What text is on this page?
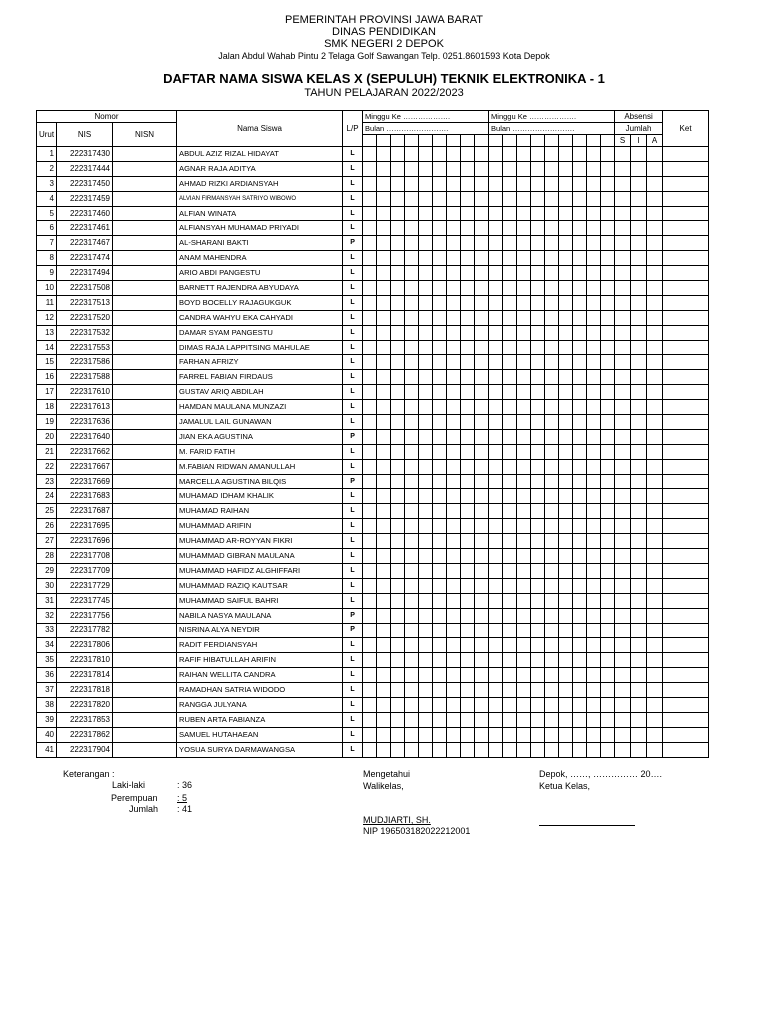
PEMERINTAH PROVINSI JAWA BARAT
DINAS PENDIDIKAN
SMK NEGERI 2 DEPOK
Jalan Abdul Wahab Pintu 2 Telaga Golf Sawangan Telp. 0251.8601593 Kota Depok
DAFTAR NAMA SISWA KELAS X (SEPULUH) TEKNIK ELEKTRONIKA - 1
TAHUN PELAJARAN 2022/2023
Nomor			Nama Siswa	L/P	Minggu Ke ……………….									Minggu Ke ……………….									Absensi			Ket
Urut	NIS	NISN			Bulan …………………….									Bulan …………………….									Jumlah			
																							S	I	A	
1	222317430		ABDUL AZIZ RIZAL HIDAYAT	L																						
2	222317444		AGNAR RAJA ADITYA	L																						
3	222317450		AHMAD RIZKI ARDIANSYAH	L																						
4	222317459		ALVIAN FIRMANSYAH SATRIYO WIBOWO	L																						
5	222317460		ALFIAN WINATA	L																						
6	222317461		ALFIANSYAH MUHAMAD PRIYADI	L																						
7	222317467		AL-SHARANI BAKTI	P																						
8	222317474		ANAM MAHENDRA	L																						
9	222317494		ARIO ABDI PANGESTU	L																						
10	222317508		BARNETT RAJENDRA ABYUDAYA	L																						
11	222317513		BOYD BOCELLY RAJAGUKGUK	L																						
12	222317520		CANDRA WAHYU EKA CAHYADI	L																						
13	222317532		DAMAR SYAM PANGESTU	L																						
14	222317553		DIMAS RAJA LAPPITSING MAHULAE	L																						
15	222317586		FARHAN AFRIZY	L																						
16	222317588		FARREL FABIAN FIRDAUS	L																						
17	222317610		GUSTAV ARIQ ABDILAH	L																						
18	222317613		HAMDAN MAULANA MUNZAZI	L																						
19	222317636		JAMALUL LAIL GUNAWAN	L																						
20	222317640		JIAN EKA AGUSTINA	P																						
21	222317662		M. FARID FATIH	L																						
22	222317667		M.FABIAN RIDWAN AMANULLAH	L																						
23	222317669		MARCELLA AGUSTINA BILQIS	P																						
24	222317683		MUHAMAD IDHAM KHALIK	L																						
25	222317687		MUHAMAD RAIHAN	L																						
26	222317695		MUHAMMAD ARIFIN	L																						
27	222317696		MUHAMMAD AR-ROYYAN FIKRI	L																						
28	222317708		MUHAMMAD GIBRAN MAULANA	L																						
29	222317709		MUHAMMAD HAFIDZ ALGHIFFARI	L																						
30	222317729		MUHAMMAD RAZIQ KAUTSAR	L																						
31	222317745		MUHAMMAD SAIFUL BAHRI	L																						
32	222317756		NABILA NASYA MAULANA	P																						
33	222317782		NISRINA ALYA NEYDIR	P																						
34	222317806		RADIT FERDIANSYAH	L																						
35	222317810		RAFIF HIBATULLAH ARIFIN	L																						
36	222317814		RAIHAN WELLITA CANDRA	L																						
37	222317818		RAMADHAN SATRIA WIDODO	L																						
38	222317820		RANGGA JULYANA	L																						
39	222317853		RUBEN ARTA FABIANZA	L																						
40	222317862		SAMUEL HUTAHAEAN	L																						
41	222317904		YOSUA SURYA DARMAWANGSA	L																						
Keterangan :
Laki-laki	: 36
Perempuan : 5
Jumlah : 41
Mengetahui
Walikelas,
MUDJIARTI, SH.
NIP 196503182022212001
Depok, ……, …………… 20….
Ketua Kelas,
